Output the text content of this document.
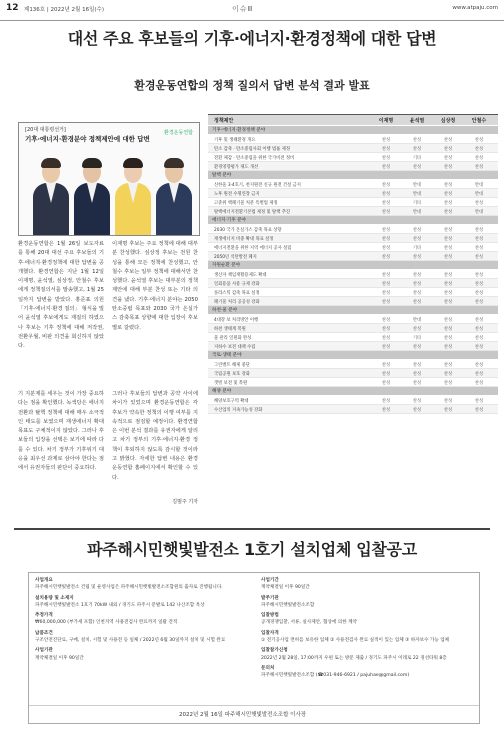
12 제136호 | 2022년 2월 16일(수)	이슈Ⅲ	www.atpaju.com
대선 주요 후보들의 기후·에너지·환경정책에 대한 답변
환경운동연합의 정책 질의서 답변 분석 결과 발표
[20대 대통령선거]
기후·에너지·환경분야 정책제안에 대한 답변
환경운동연합
환경운동연합은 1월 26일 보도자료를 통해 20대 대선 주요 후보들의 기후·에너지·환경정책에 대한 답변을 공개했다. 환경연합은 지난 1월 12일 이재명, 윤석열, 심상정, 안철수 후보에게 정책질의서를 발송했고, 1월 25일까지 답변을 받았다. 홍준표 의원 「기후·에너지·환경 질의」 형식을 빌어 윤석열 후보에게도 재질의 하였으나 후보는 기후 정책에 대해 저작권, 전환우월, 비판 의견을 회신하지 않았다.
이재명 후보는 주요 정책에 대해 대부분 찬성했다. 심상정 후보는 전원 찬성을 통해 모든 정책에 찬성했고, 안철수 후보는 일부 정책에 대해서만 찬성했다. 윤석열 후보는 대부분의 정책 제안에 대해 부분 찬성 또는 기타 의견을 냈다. 기후·에너지 분야는 2050 탄소중립 목표와 2030 국가 온실가스 감축목표 상향에 대한 입장이 후보별로 갈렸다.
기 지분제를 세우는 것이 가장 중요하다는 점을 확인했다. 녹색당은 에너지 전환과 탈핵 정책에 대해 매우 소극적인 태도를 보였으며 재생에너지 확대 목표도 구체적이지 않았다. 그러나 후보들의 입장을 선택은 보기에 따라 다를 수 있다. 차기 정부가 기후위기 대응을 최우선 과제로 삼아야 한다는 점에서 유권자들의 판단이 중요하다.
그러나 후보들의 답변과 공약 사이에 차이가 있었으며 환경운동연합은 각 후보가 약속한 정책의 이행 여부를 지속적으로 점검할 예정이다. 환경연합은 이번 분석 결과를 유권자에게 알리고 차기 정부의 기후·에너지·환경 정책이 후퇴하지 않도록 감시할 것이라고 밝혔다. 자세한 답변 내용은 환경운동연합 홈페이지에서 확인할 수 있다.
김범주 기자
정책제안	이재명	윤석열	심상정	안철수
기후·에너지·환경정책 분야
기후 및 생태환경 개요	찬성	찬성	찬성	찬성
탄소 감축 · 탄소중립사회 이행 법률 제정	찬성	찬성	찬성	찬성
전환 체감 · 탄소중립을 위한 국가비전 정비	찬성	기타	찬성	찬성
환경영향평가 제도 개선	찬성	찬성	찬성	찬성
탈핵 분야
신한울 3·4호기, 천지원전 신규 원전 건설 금지	찬성	반대	찬성	반대
노후 원전 수명연장 금지	찬성	반대	찬성	반대
고준위 핵폐기물 처분 특별법 제정	찬성	기타	찬성	찬성
탈핵에너지전환기본법 제정 및 탈핵 추진	찬성	반대	찬성	반대
에너지·기후 분야
2030 국가 온실가스 감축 목표 상향	찬성	찬성	찬성	찬성
재생에너지 비중 확대 목표 설정	찬성	찬성	찬성	찬성
에너지전환을 위한 지역 에너지 공사 설립	찬성	기타	찬성	찬성
2050년 석탄발전 폐지	찬성	찬성	찬성	찬성
자원순환 분야
생산자 책임재활용제도 확대	찬성	찬성	찬성	찬성
일회용품 사용 규제 강화	찬성	찬성	찬성	찬성
플라스틱 감축 목표 설정	찬성	찬성	찬성	찬성
폐기물 처리 공공성 강화	찬성	찬성	찬성	찬성
하천·물 분야
4대강 보 처리방안 이행	찬성	반대	찬성	찬성
하천 생태계 복원	찬성	찬성	찬성	찬성
물 관리 일원화 완성	찬성	기타	찬성	찬성
지하수 보전 대책 수립	찬성	찬성	찬성	찬성
국토·생태 분야
그린벨트 해제 중단	찬성	찬성	찬성	찬성
국립공원 보호 강화	찬성	찬성	찬성	찬성
갯벌 보전 및 복원	찬성	찬성	찬성	찬성
해양 분야
해양보호구역 확대	찬성	찬성	찬성	찬성
수산업의 지속가능성 강화	찬성	찬성	찬성	찬성
파주해시민햇빛발전소 1호기 설치업체 입찰공고
사업개요
파주해시민햇빛발전소 건립 및 운영사업은 파주해시민햇빛발전소조합원의 출자로 진행됩니다.
설치용량 및 소재지
파주해시민햇빛발전소 1호기 70kW 내외 / 경기도 파주시 문발로 142 나산조합 옥상
추정가격
₩60,000,000 (부가세 포함) 인천지역 사용전검사 완료까지 일괄 견적
납품조건
구조안전진단료, 구매, 설치, 시험 및 사용전 등 일체 / 2022년 6월 30일까지 설치 및 시험 완료
사업기관
계약체결일 이후 90일간
사업기간
계약체결일 이후 90일간
발주기관
파주해시민햇빛발전소조합
입찰방법
공개경쟁입찰, 서류, 실사제안, 협상에 의한 계약
입찰자격
① 전기공사업 면허를 보유한 업체 ② 사용전검사 완료 실적이 있는 업체 ③ 하자보수 가능 업체
입찰참가신청
2022년 2월 28일, 17:00까지 우편 또는 방문 제출 / 경기도 파주시 이래로 22 경선타워 8층
문의처
파주해시민햇빛발전소조합 (☎031-946-6921 / pajuhae@gmail.com)
2022년 2월 16일 파주해시민햇빛발전소조합 이사장
